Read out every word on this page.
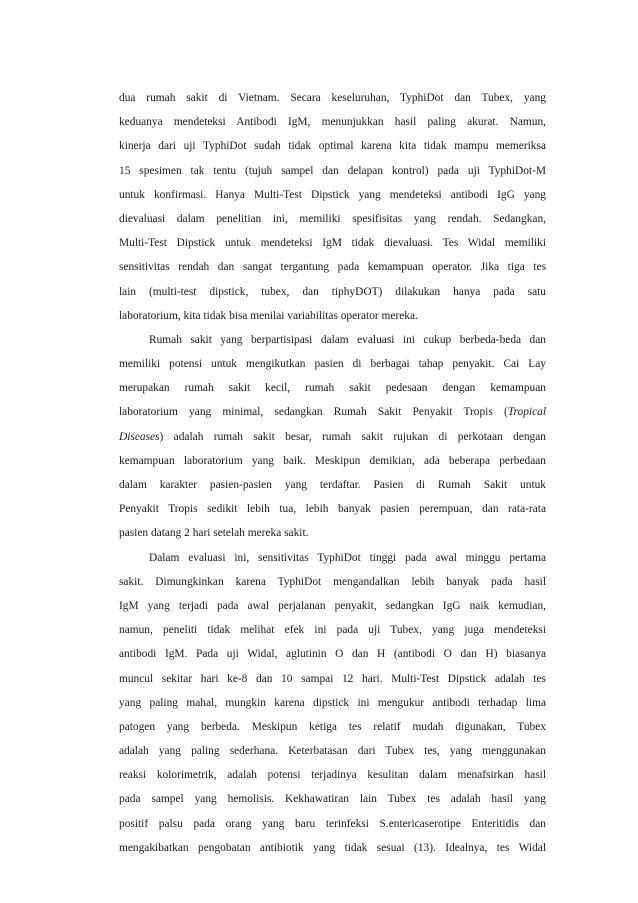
dua rumah sakit di Vietnam. Secara keseluruhan, TyphiDot dan Tubex, yang
keduanya mendeteksi Antibodi IgM, menunjukkan hasil paling akurat. Namun,
kinerja dari uji TyphiDot sudah tidak optimal karena kita tidak mampu memeriksa
15 spesimen tak tentu (tujuh sampel dan delapan kontrol) pada uji TyphiDot-M
untuk konfirmasi. Hanya Multi-Test Dipstick yang mendeteksi antibodi IgG yang
dievaluasi dalam penelitian ini, memiliki spesifisitas yang rendah. Sedangkan,
Multi-Test Dipstick untuk mendeteksi IgM tidak dievaluasi. Tes Widal memiliki
sensitivitas rendah dan sangat tergantung pada kemampuan operator. Jika tiga tes
lain (multi-test dipstick, tubex, dan tiphyDOT) dilakukan hanya pada satu
laboratorium, kita tidak bisa menilai variabilitas operator mereka.
Rumah sakit yang berpartisipasi dalam evaluasi ini cukup berbeda-beda dan
memiliki potensi untuk mengikutkan pasien di berbagai tahap penyakit. Cai Lay
merupakan rumah sakit kecil, rumah sakit pedesaan dengan kemampuan
laboratorium yang minimal, sedangkan Rumah Sakit Penyakit Tropis (Tropical
Diseases) adalah rumah sakit besar, rumah sakit rujukan di perkotaan dengan
kemampuan laboratorium yang baik. Meskipun demikian, ada beberapa perbedaan
dalam karakter pasien-pasien yang terdaftar. Pasien di Rumah Sakit untuk
Penyakit Tropis sedikit lebih tua, lebih banyak pasien perempuan, dan rata-rata
pasien datang 2 hari setelah mereka sakit.
Dalam evaluasi ini, sensitivitas TyphiDot tinggi pada awal minggu pertama
sakit. Dimungkinkan karena TyphiDot mengandalkan lebih banyak pada hasil
IgM yang terjadi pada awal perjalanan penyakit, sedangkan IgG naik kemudian,
namun, peneliti tidak melihat efek ini pada uji Tubex, yang juga mendeteksi
antibodi IgM. Pada uji Widal, aglutinin O dan H (antibodi O dan H) biasanya
muncul sekitar hari ke-8 dan 10 sampai 12 hari. Multi-Test Dipstick adalah tes
yang paling mahal, mungkin karena dipstick ini mengukur antibodi terhadap lima
patogen yang berbeda. Meskipun ketiga tes relatif mudah digunakan, Tubex
adalah yang paling sederhana. Keterbatasan dari Tubex tes, yang menggunakan
reaksi kolorimetrik, adalah potensi terjadinya kesulitan dalam menafsirkan hasil
pada sampel yang hemolisis. Kekhawatiran lain Tubex tes adalah hasil yang
positif palsu pada orang yang baru terinfeksi S.entericaserotipe Enteritidis dan
mengakibatkan pengobatan antibiotik yang tidak sesuai (13). Idealnya, tes Widal
